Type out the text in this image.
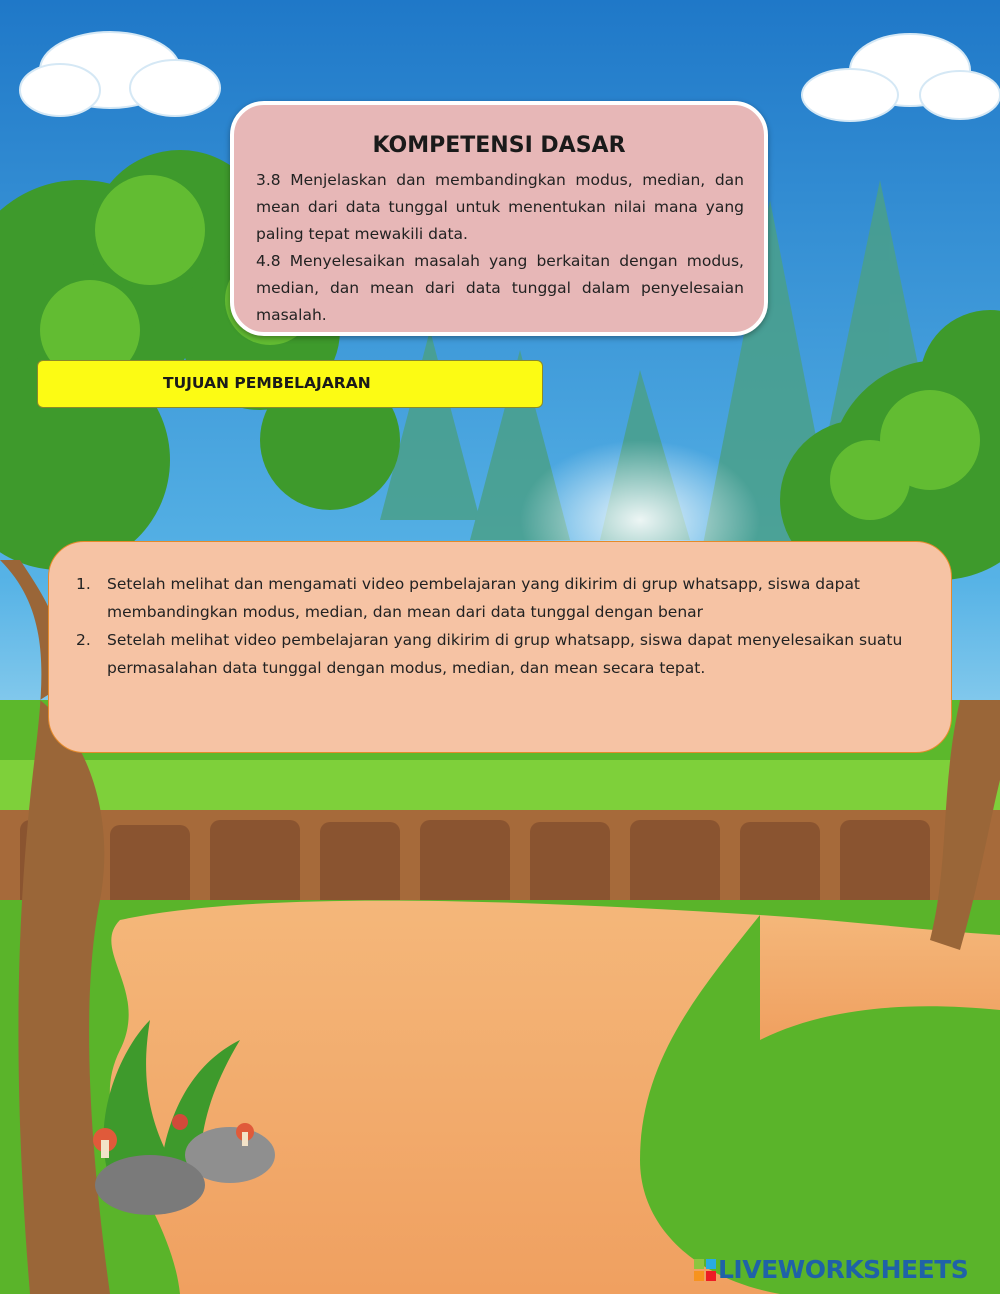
KOMPETENSI DASAR

3.8 Menjelaskan dan membandingkan modus, median, dan mean dari data tunggal untuk menentukan nilai mana yang paling tepat mewakili data.

4.8 Menyelesaikan masalah yang berkaitan dengan modus, median, dan mean dari data tunggal dalam penyelesaian masalah.

TUJUAN PEMBELAJARAN
1. Setelah melihat dan mengamati video pembelajaran yang dikirim di grup whatsapp, siswa dapat membandingkan modus, median, dan mean dari data tunggal dengan benar
2. Setelah melihat video pembelajaran yang dikirim di grup whatsapp, siswa dapat menyelesaikan suatu permasalahan data tunggal dengan modus, median, dan mean secara tepat.
LIVEWORKSHEETS
